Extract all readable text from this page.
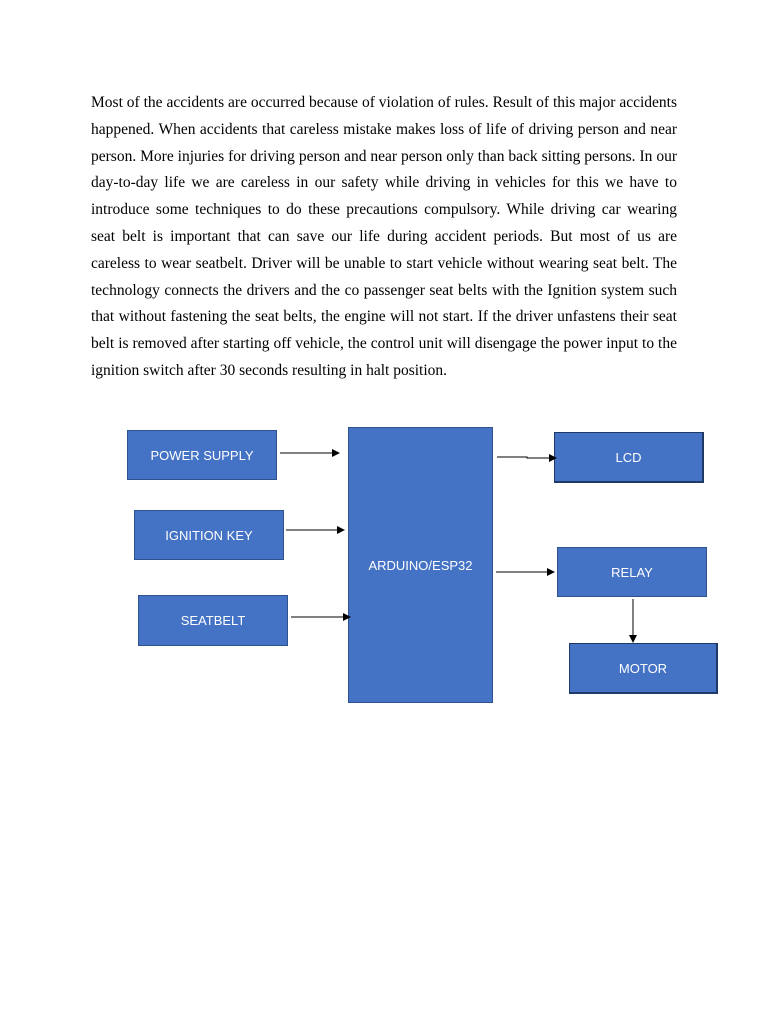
Most of the accidents are occurred because of violation of rules. Result of this major accidents happened. When accidents that careless mistake makes loss of life of driving person and near person. More injuries for driving person and near person only than back sitting persons. In our day-to-day life we are careless in our safety while driving in vehicles for this we have to introduce some techniques to do these precautions compulsory. While driving car wearing seat belt is important that can save our life during accident periods. But most of us are careless to wear seatbelt. Driver will be unable to start vehicle without wearing seat belt. The technology connects the drivers and the co passenger seat belts with the Ignition system such that without fastening the seat belts, the engine will not start. If the driver unfastens their seat belt is removed after starting off vehicle, the control unit will disengage the power input to the ignition switch after 30 seconds resulting in halt position.

POWER SUPPLY
IGNITION KEY
SEATBELT
ARDUINO/ESP32
LCD
RELAY
MOTOR
